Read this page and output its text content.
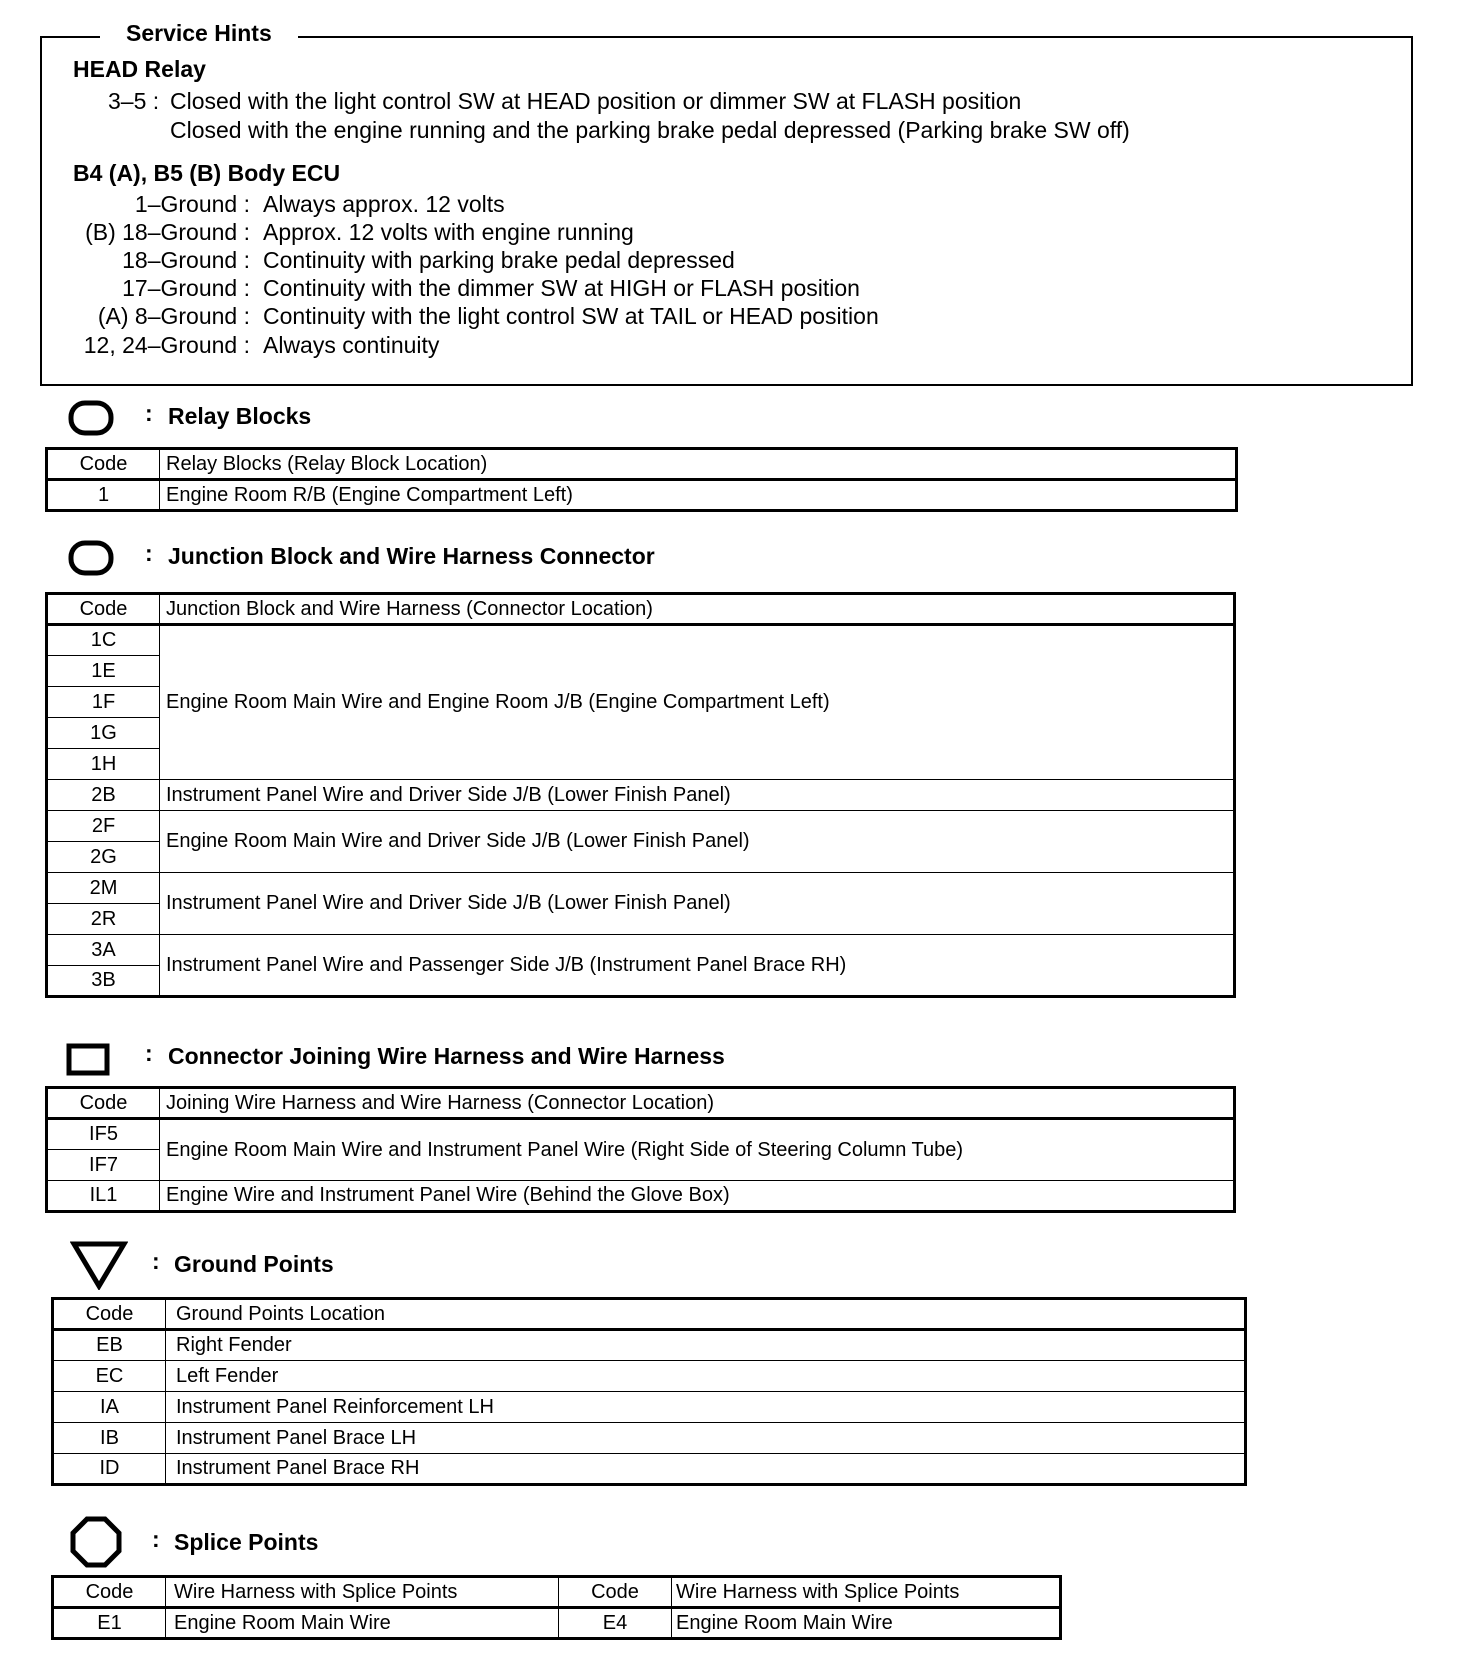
Service Hints
HEAD Relay
3–5 : Closed with the light control SW at HEAD position or dimmer SW at FLASH position
Closed with the engine running and the parking brake pedal depressed (Parking brake SW off)
B4 (A), B5 (B) Body ECU
1–Ground : Always approx. 12 volts
(B) 18–Ground : Approx. 12 volts with engine running
18–Ground : Continuity with parking brake pedal depressed
17–Ground : Continuity with the dimmer SW at HIGH or FLASH position
(A) 8–Ground : Continuity with the light control SW at TAIL or HEAD position
12, 24–Ground : Always continuity
: Relay Blocks
Code	Relay Blocks (Relay Block Location)
1	Engine Room R/B (Engine Compartment Left)
: Junction Block and Wire Harness Connector
Code	Junction Block and Wire Harness (Connector Location)
1C	Engine Room Main Wire and Engine Room J/B (Engine Compartment Left)
1E	
1F	
1G	
1H	
2B	Instrument Panel Wire and Driver Side J/B (Lower Finish Panel)
2F	Engine Room Main Wire and Driver Side J/B (Lower Finish Panel)
2G	
2M	Instrument Panel Wire and Driver Side J/B (Lower Finish Panel)
2R	
3A	Instrument Panel Wire and Passenger Side J/B (Instrument Panel Brace RH)
3B	
: Connector Joining Wire Harness and Wire Harness
Code	Joining Wire Harness and Wire Harness (Connector Location)
IF5	Engine Room Main Wire and Instrument Panel Wire (Right Side of Steering Column Tube)
IF7	
IL1	Engine Wire and Instrument Panel Wire (Behind the Glove Box)
: Ground Points
Code	Ground Points Location
EB	Right Fender
EC	Left Fender
IA	Instrument Panel Reinforcement LH
IB	Instrument Panel Brace LH
ID	Instrument Panel Brace RH
: Splice Points
Code	Wire Harness with Splice Points	Code	Wire Harness with Splice Points
E1	Engine Room Main Wire	E4	Engine Room Main Wire
